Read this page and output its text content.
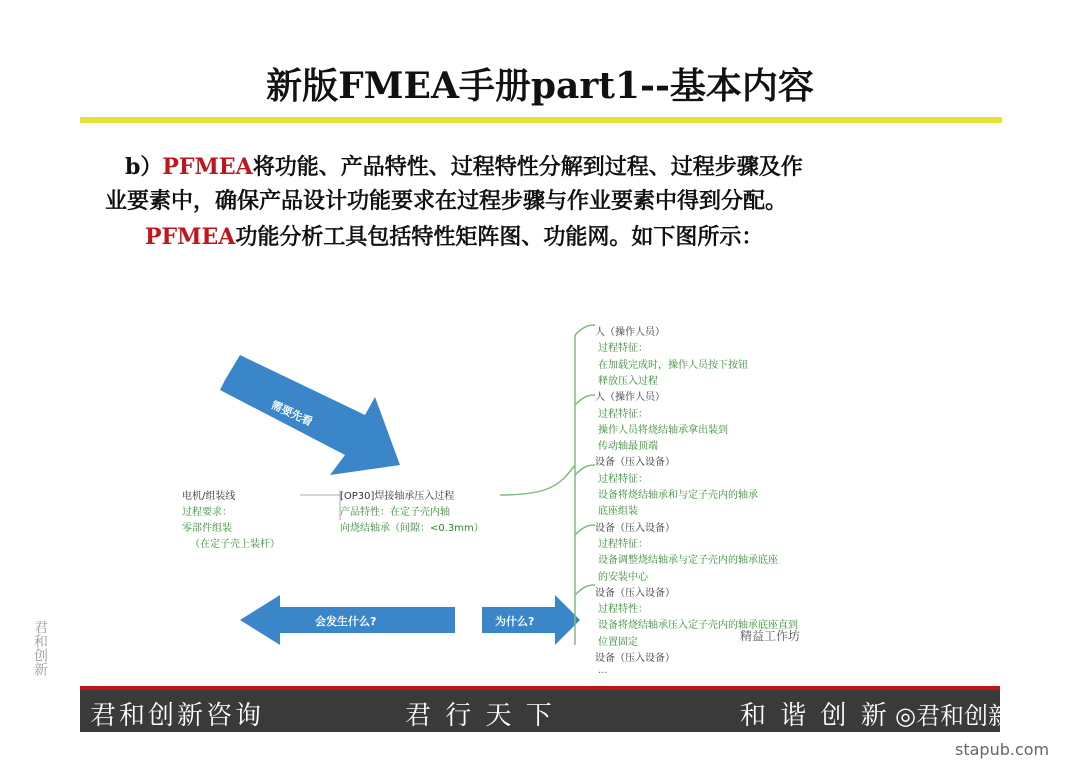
新版FMEA手册part1--基本内容
b）PFMEA将功能、产品特性、过程特性分解到过程、过程步骤及作
业要素中，确保产品设计功能要求在过程步骤与作业要素中得到分配。
PFMEA功能分析工具包括特性矩阵图、功能网。如下图所示：
需要先看
会发生什么?	为什么?
电机/组装线
过程要求：
零部件组装
（在定子壳上装杆）
[OP30]焊接轴承压入过程
产品特性：在定子壳内轴
向烧结轴承（间隙：<0.3mm）
人（操作人员）
过程特征：
在加载完成时，操作人员按下按钮
释放压入过程
人（操作人员）
过程特征：
操作人员将烧结轴承拿出装到
传动轴最顶端
设备（压入设备）
过程特征：
设备将烧结轴承和与定子壳内的轴承
底座组装
设备（压入设备）
过程特征：
设备调整烧结轴承与定子壳内的轴承底座
的安装中心
设备（压入设备）
过程特性：
设备将烧结轴承压入定子壳内的轴承底座直到
位置固定
设备（压入设备）
...
精益工作坊
君和创新咨询	君 行 天 下	和 谐 创 新 ◎君和创新
君和创新
stapub.com
